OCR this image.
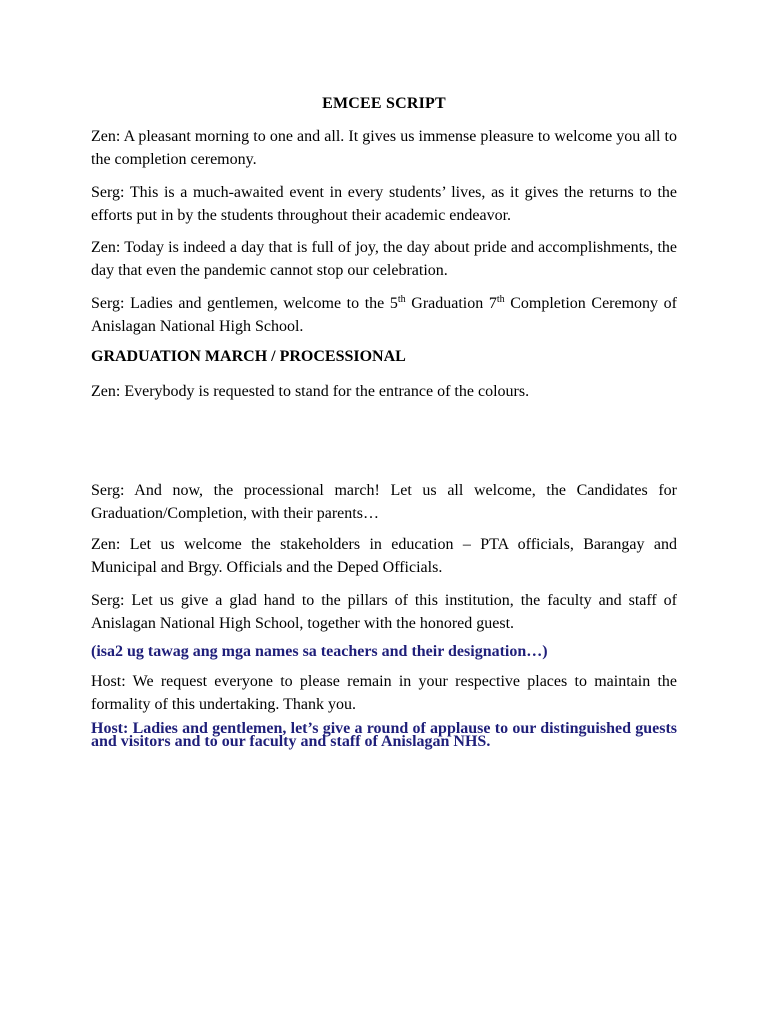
EMCEE SCRIPT
Zen: A pleasant morning to one and all. It gives us immense pleasure to welcome you all to the completion ceremony.
Serg: This is a much-awaited event in every students’ lives, as it gives the returns to the efforts put in by the students throughout their academic endeavor.
Zen: Today is indeed a day that is full of joy, the day about pride and accomplishments, the day that even the pandemic cannot stop our celebration.
Serg: Ladies and gentlemen, welcome to the 5th Graduation 7th Completion Ceremony of Anislagan National High School.
GRADUATION MARCH / PROCESSIONAL
Zen: Everybody is requested to stand for the entrance of the colours.
Serg: And now, the processional march! Let us all welcome, the Candidates for Graduation/Completion, with their parents…
Zen: Let us welcome the stakeholders in education – PTA officials, Barangay and Municipal and Brgy. Officials and the Deped Officials.
Serg: Let us give a glad hand to the pillars of this institution, the faculty and staff of Anislagan National High School, together with the honored guest.
(isa2 ug tawag ang mga names sa teachers and their designation…)
Host: We request everyone to please remain in your respective places to maintain the formality of this undertaking. Thank you.
Host: Ladies and gentlemen, let’s give a round of applause to our distinguished guests and visitors and to our faculty and staff of Anislagan NHS.
